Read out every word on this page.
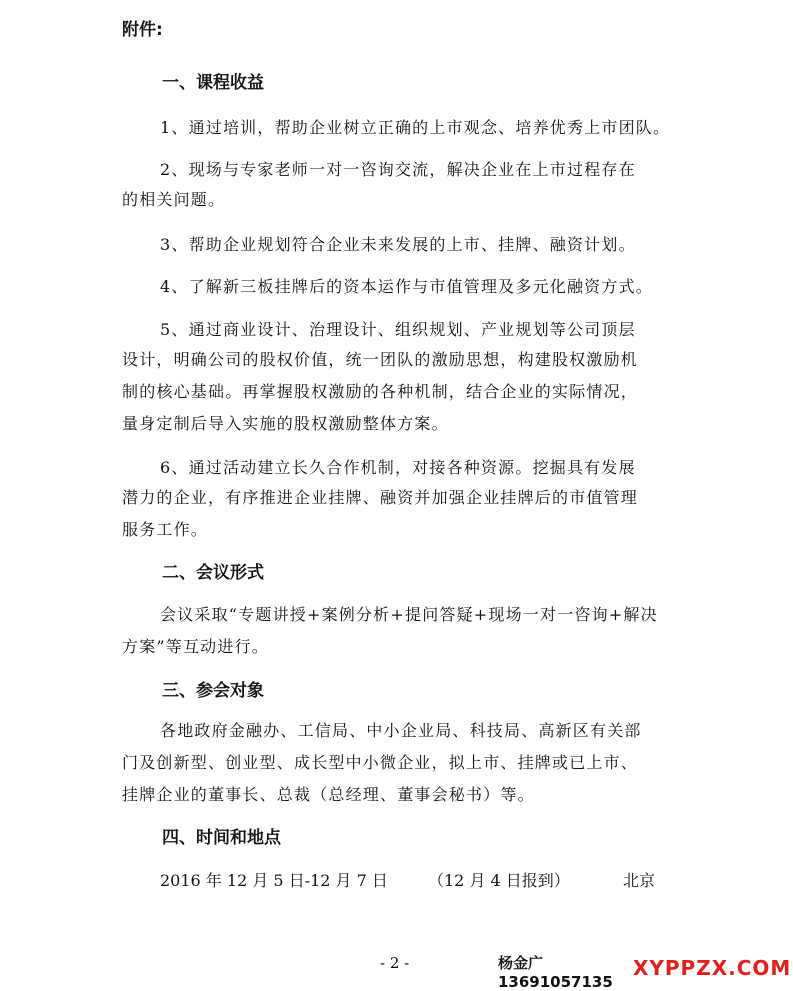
附件:
一、课程收益
1、通过培训，帮助企业树立正确的上市观念、培养优秀上市团队。
2、现场与专家老师一对一咨询交流，解决企业在上市过程存在
的相关问题。
3、帮助企业规划符合企业未来发展的上市、挂牌、融资计划。
4、了解新三板挂牌后的资本运作与市值管理及多元化融资方式。
5、通过商业设计、治理设计、组织规划、产业规划等公司顶层
设计，明确公司的股权价值，统一团队的激励思想，构建股权激励机
制的核心基础。再掌握股权激励的各种机制，结合企业的实际情况，
量身定制后导入实施的股权激励整体方案。
6、通过活动建立长久合作机制，对接各种资源。挖掘具有发展
潜力的企业，有序推进企业挂牌、融资并加强企业挂牌后的市值管理
服务工作。
二、会议形式
会议采取“专题讲授+案例分析+提问答疑+现场一对一咨询+解决
方案”等互动进行。
三、参会对象
各地政府金融办、工信局、中小企业局、科技局、高新区有关部
门及创新型、创业型、成长型中小微企业，拟上市、挂牌或已上市、
挂牌企业的董事长、总裁（总经理、董事会秘书）等。
四、时间和地点
2016 年 12 月 5 日-12 月 7 日	（12 月 4 日报到）	北京
- 2 -	杨金广 13691057135
XYPPZX.COM
